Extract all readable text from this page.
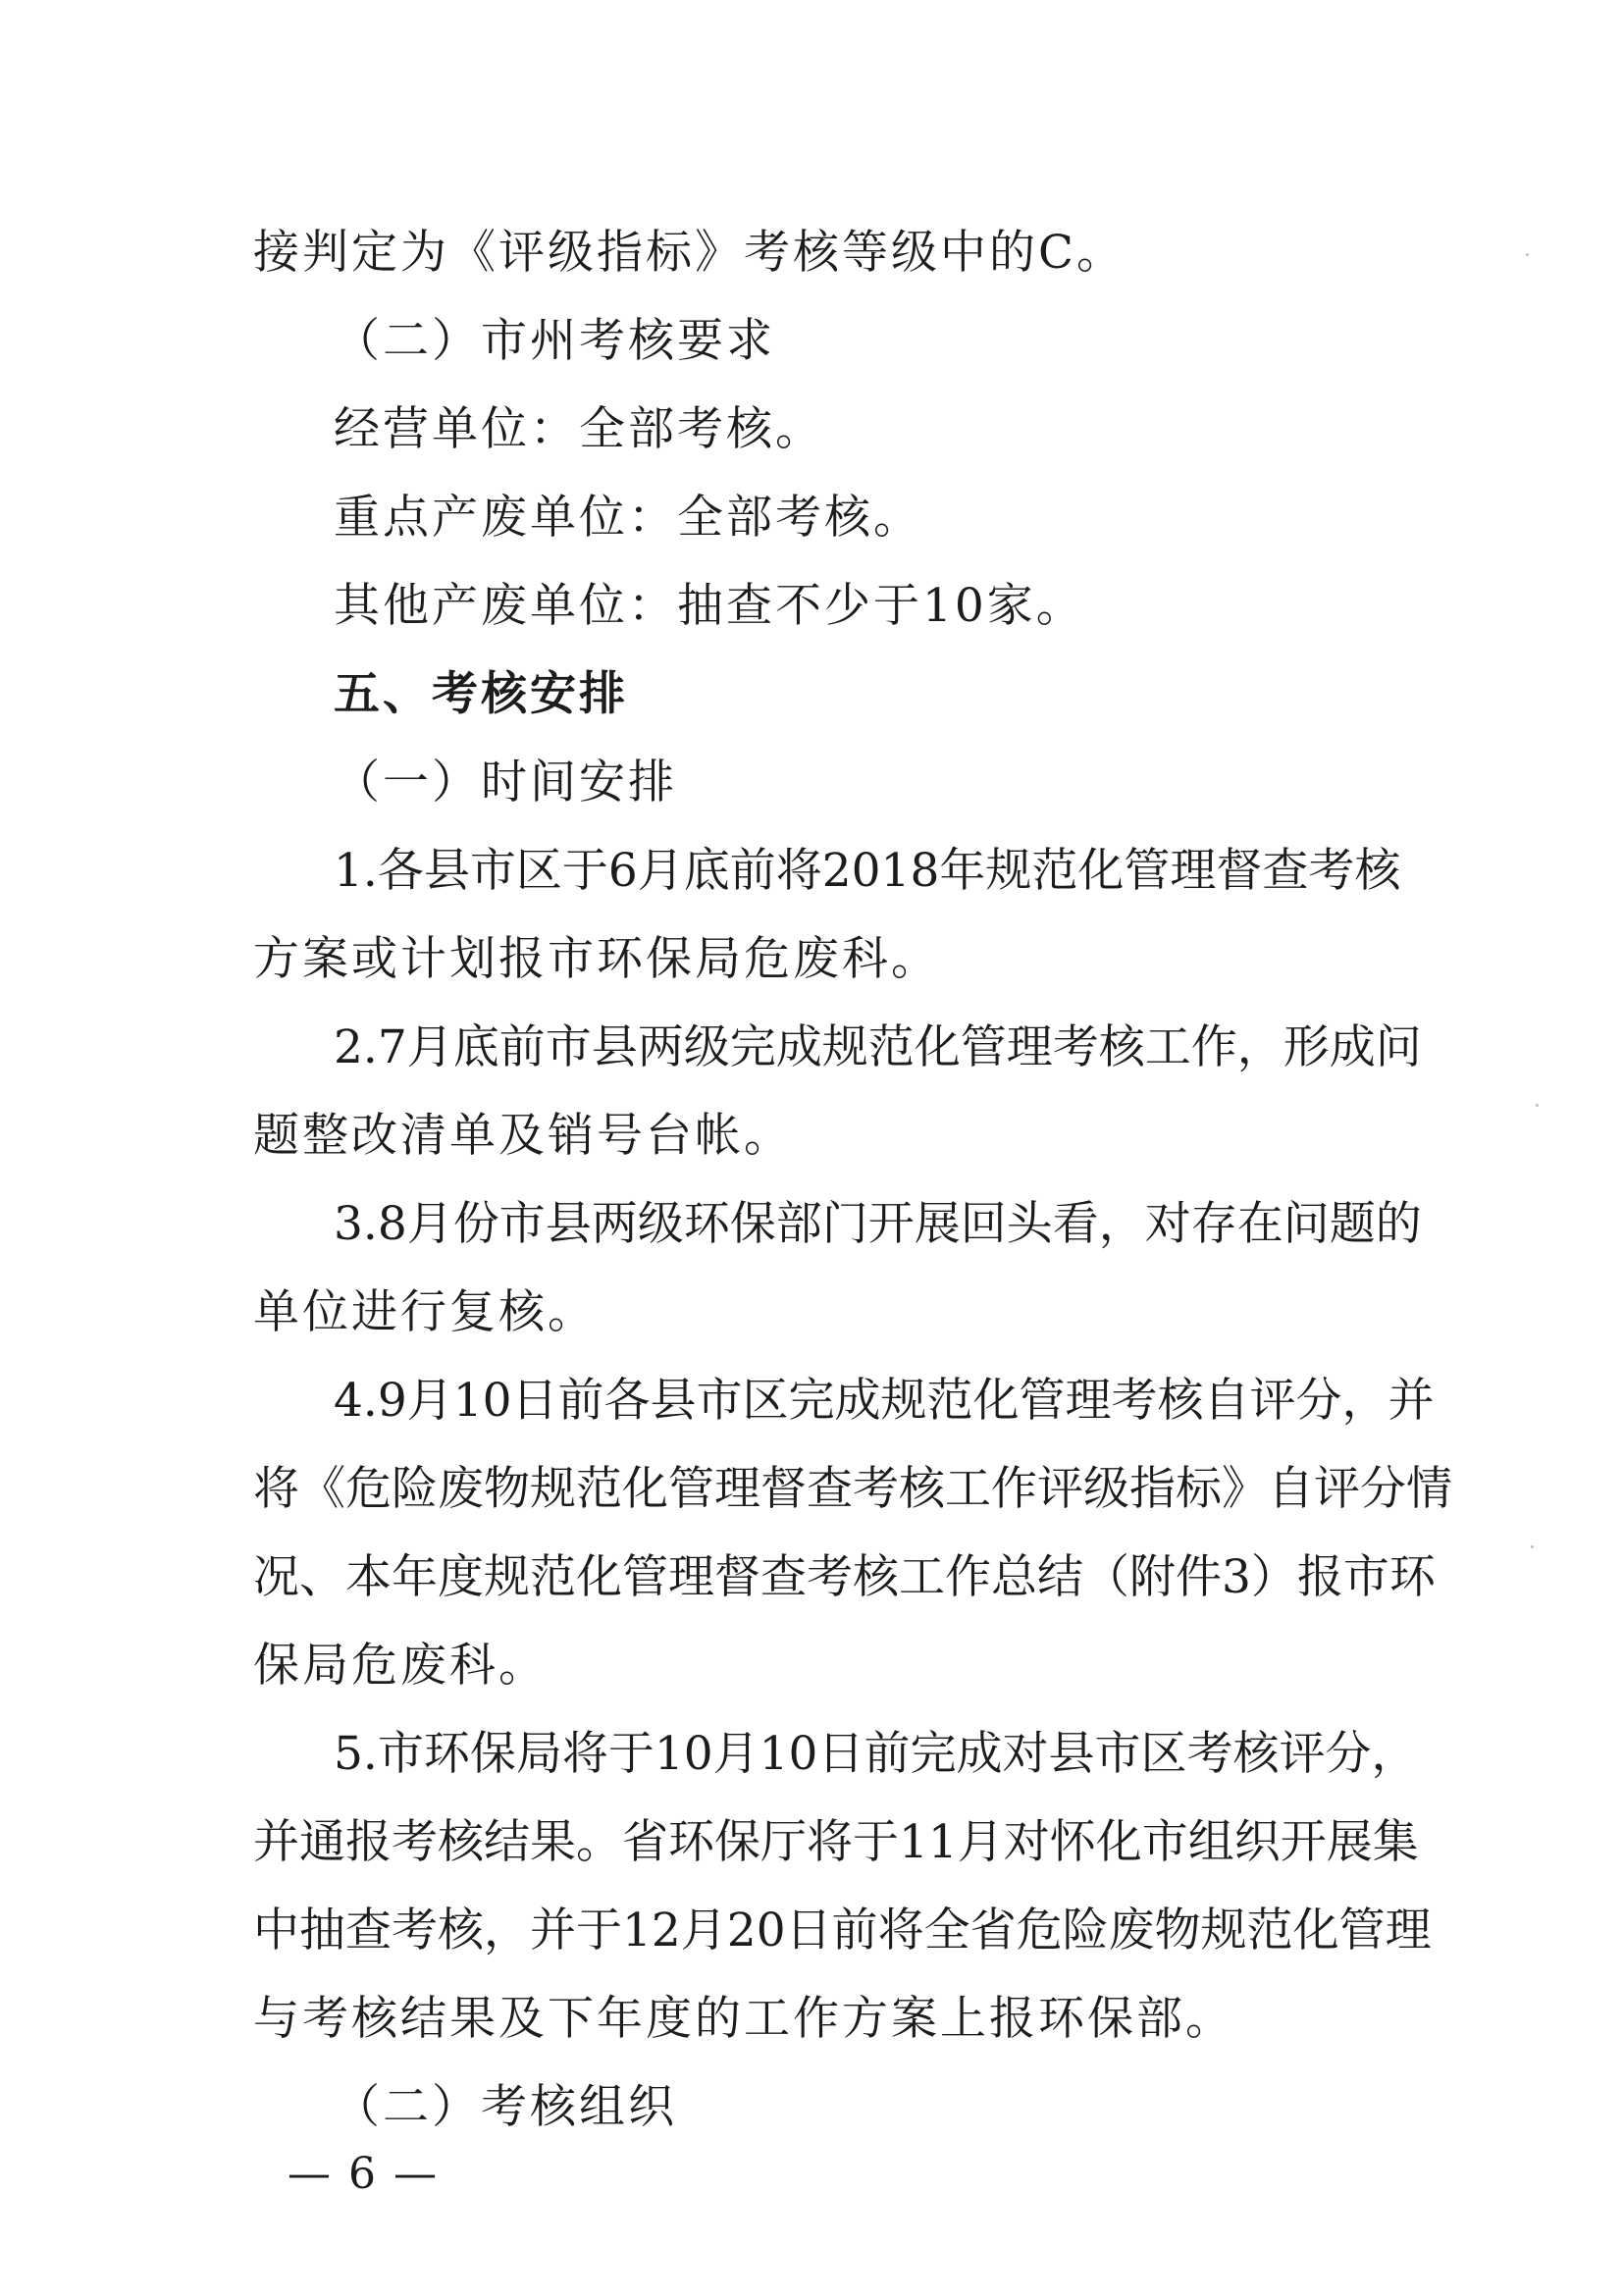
接判定为《评级指标》考核等级中的C。
（二）市州考核要求
经营单位：全部考核。
重点产废单位：全部考核。
其他产废单位：抽查不少于10家。
五、考核安排
（一）时间安排
1.各县市区于6月底前将2018年规范化管理督查考核
方案或计划报市环保局危废科。
2.7月底前市县两级完成规范化管理考核工作，形成问
题整改清单及销号台帐。
3.8月份市县两级环保部门开展回头看，对存在问题的
单位进行复核。
4.9月10日前各县市区完成规范化管理考核自评分，并
将《危险废物规范化管理督查考核工作评级指标》自评分情
况、本年度规范化管理督查考核工作总结（附件3）报市环
保局危废科。
5.市环保局将于10月10日前完成对县市区考核评分，
并通报考核结果。省环保厅将于11月对怀化市组织开展集
中抽查考核，并于12月20日前将全省危险废物规范化管理
与考核结果及下年度的工作方案上报环保部。
（二）考核组织
— 6 —
